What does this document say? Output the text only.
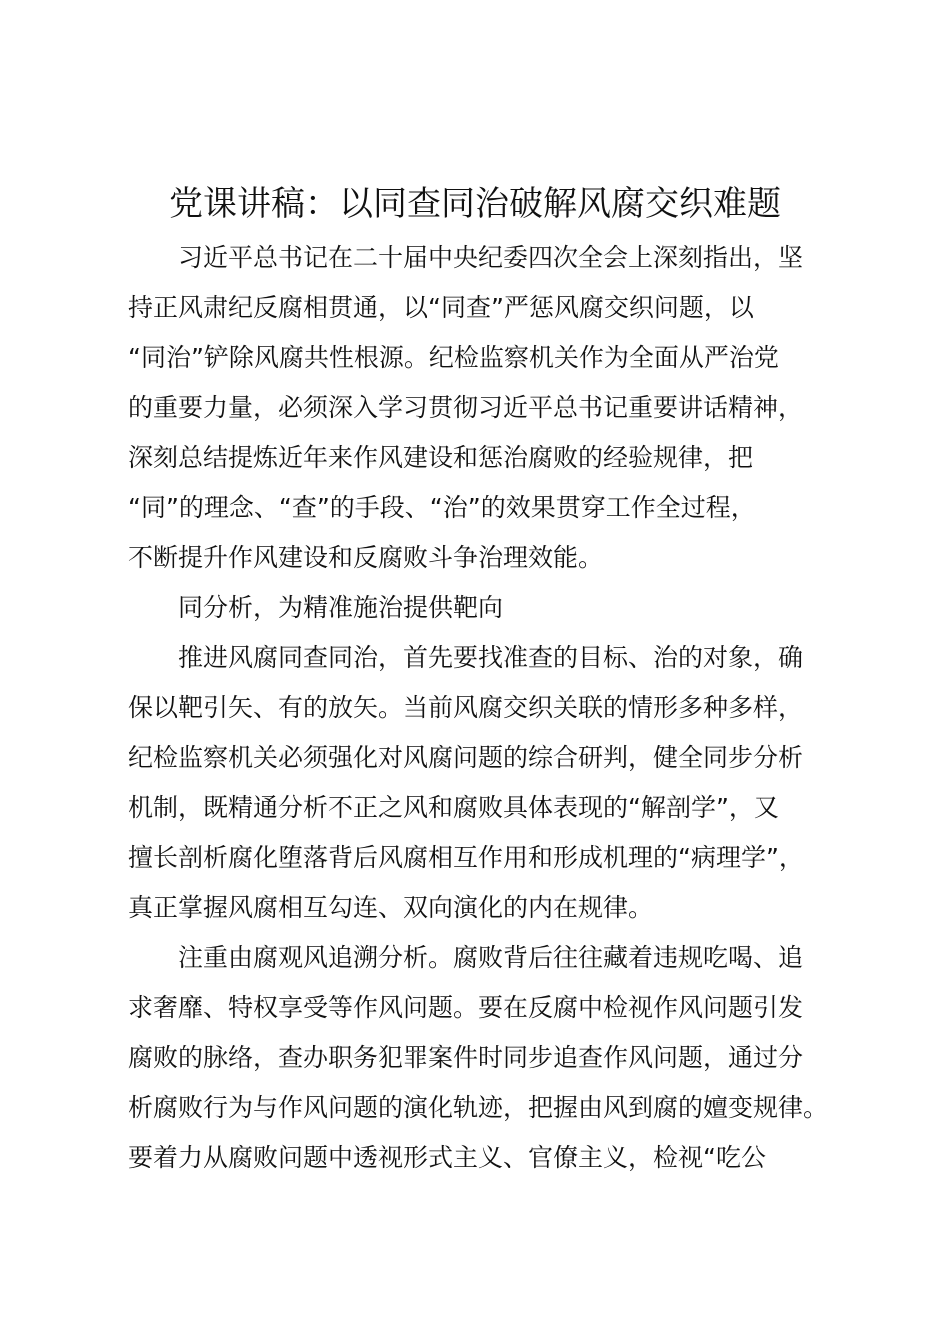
党课讲稿：以同查同治破解风腐交织难题

习近平总书记在二十届中央纪委四次全会上深刻指出，坚
持正风肃纪反腐相贯通，以“同查”严惩风腐交织问题，以
“同治”铲除风腐共性根源。纪检监察机关作为全面从严治党
的重要力量，必须深入学习贯彻习近平总书记重要讲话精神，
深刻总结提炼近年来作风建设和惩治腐败的经验规律，把
“同”的理念、“查”的手段、“治”的效果贯穿工作全过程，
不断提升作风建设和反腐败斗争治理效能。

同分析，为精准施治提供靶向

推进风腐同查同治，首先要找准查的目标、治的对象，确
保以靶引矢、有的放矢。当前风腐交织关联的情形多种多样，
纪检监察机关必须强化对风腐问题的综合研判，健全同步分析
机制，既精通分析不正之风和腐败具体表现的“解剖学”，又
擅长剖析腐化堕落背后风腐相互作用和形成机理的“病理学”，
真正掌握风腐相互勾连、双向演化的内在规律。

注重由腐观风追溯分析。腐败背后往往藏着违规吃喝、追
求奢靡、特权享受等作风问题。要在反腐中检视作风问题引发
腐败的脉络，查办职务犯罪案件时同步追查作风问题，通过分
析腐败行为与作风问题的演化轨迹，把握由风到腐的嬗变规律。
要着力从腐败问题中透视形式主义、官僚主义，检视“吃公
